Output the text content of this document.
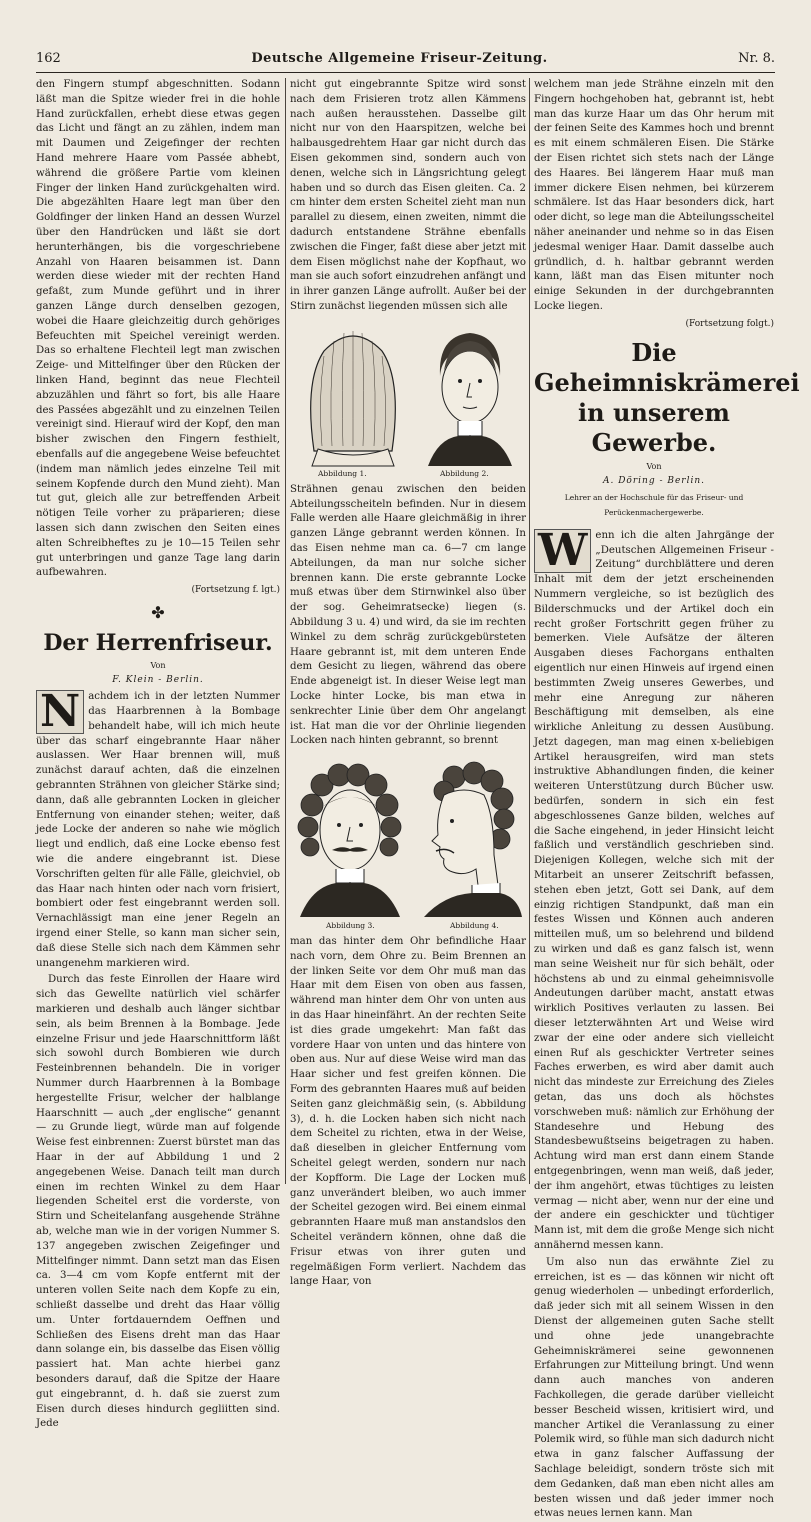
162	Deutsche Allgemeine Friseur-Zeitung.	Nr. 8.

den Fingern stumpf abgeschnitten. Sodann läßt man die Spitze wieder frei in die hohle Hand zurückfallen, erhebt diese etwas gegen das Licht und fängt an zu zählen, indem man mit Daumen und Zeigefinger der rechten Hand mehrere Haare vom Passée abhebt, während die größere Partie vom kleinen Finger der linken Hand zurückgehalten wird. Die abgezählten Haare legt man über den Goldfinger der linken Hand an dessen Wurzel über den Handrücken und läßt sie dort herunterhängen, bis die vorgeschriebene Anzahl von Haaren beisammen ist. Dann werden diese wieder mit der rechten Hand gefaßt, zum Munde geführt und in ihrer ganzen Länge durch denselben gezogen, wobei die Haare gleichzeitig durch gehöriges Befeuchten mit Speichel vereinigt werden. Das so erhaltene Flechteil legt man zwischen Zeige- und Mittelfinger über den Rücken der linken Hand, beginnt das neue Flechteil abzuzählen und fährt so fort, bis alle Haare des Passées abgezählt und zu einzelnen Teilen vereinigt sind. Hierauf wird der Kopf, den man bisher zwischen den Fingern festhielt, ebenfalls auf die angegebene Weise befeuchtet (indem man nämlich jedes einzelne Teil mit seinem Kopfende durch den Mund zieht). Man tut gut, gleich alle zur betreffenden Arbeit nötigen Teile vorher zu präparieren; diese lassen sich dann zwischen den Seiten eines alten Schreibheftes zu je 10—15 Teilen sehr gut unterbringen und ganze Tage lang darin aufbewahren.

(Fortsetzung f. lgt.)
✤
Der Herrenfriseur.
Von
F. Klein - Berlin.

N achdem ich in der letzten Nummer das Haarbrennen à la Bombage behandelt habe, will ich mich heute über das scharf eingebrannte Haar näher auslassen. Wer Haar brennen will, muß zunächst darauf achten, daß die einzelnen gebrannten Strähnen von gleicher Stärke sind; dann, daß alle gebrannten Locken in gleicher Entfernung von einander stehen; weiter, daß jede Locke der anderen so nahe wie möglich liegt und endlich, daß eine Locke ebenso fest wie die andere eingebrannt ist. Diese Vorschriften gelten für alle Fälle, gleichviel, ob das Haar nach hinten oder nach vorn frisiert, bombiert oder fest eingebrannt werden soll. Vernachlässigt man eine jener Regeln an irgend einer Stelle, so kann man sicher sein, daß diese Stelle sich nach dem Kämmen sehr unangenehm markieren wird.

Durch das feste Einrollen der Haare wird sich das Gewellte natürlich viel schärfer markieren und deshalb auch länger sichtbar sein, als beim Brennen à la Bombage. Jede einzelne Frisur und jede Haarschnittform läßt sich sowohl durch Bombieren wie durch Festeinbrennen behandeln. Die in voriger Nummer durch Haarbrennen à la Bombage hergestellte Frisur, welcher der halblange Haarschnitt — auch „der englische“ genannt — zu Grunde liegt, würde man auf folgende Weise fest einbrennen: Zuerst bürstet man das Haar in der auf Abbildung 1 und 2 angegebenen Weise. Danach teilt man durch einen im rechten Winkel zu dem Haar liegenden Scheitel erst die vorderste, von Stirn und Scheitelanfang ausgehende Strähne ab, welche man wie in der vorigen Nummer S. 137 angegeben zwischen Zeigefinger und Mittelfinger nimmt. Dann setzt man das Eisen ca. 3—4 cm vom Kopfe entfernt mit der unteren vollen Seite nach dem Kopfe zu ein, schließt dasselbe und dreht das Haar völlig um. Unter fortdauerndem Oeffnen und Schließen des Eisens dreht man das Haar dann solange ein, bis dasselbe das Eisen völlig passiert hat. Man achte hierbei ganz besonders darauf, daß die Spitze der Haare gut eingebrannt, d. h. daß sie zuerst zum Eisen durch dieses hindurch gegliitten sind. Jede

nicht gut eingebrannte Spitze wird sonst nach dem Frisieren trotz allen Kämmens nach außen herausstehen. Dasselbe gilt nicht nur von den Haarspitzen, welche bei halbausgedrehtem Haar gar nicht durch das Eisen gekommen sind, sondern auch von denen, welche sich in Längsrichtung gelegt haben und so durch das Eisen gleiten. Ca. 2 cm hinter dem ersten Scheitel zieht man nun parallel zu diesem, einen zweiten, nimmt die dadurch entstandene Strähne ebenfalls zwischen die Finger, faßt diese aber jetzt mit dem Eisen möglichst nahe der Kopfhaut, wo man sie auch sofort einzudrehen anfängt und in ihrer ganzen Länge aufrollt. Außer bei der Stirn zunächst liegenden müssen sich alle

Abbildung 1.	Abbildung 2.

Strähnen genau zwischen den beiden Abteilungsscheiteln befinden. Nur in diesem Falle werden alle Haare gleichmäßig in ihrer ganzen Länge gebrannt werden können. In das Eisen nehme man ca. 6—7 cm lange Abteilungen, da man nur solche sicher brennen kann. Die erste gebrannte Locke muß etwas über dem Stirnwinkel also über der sog. Geheimratsecke) liegen (s. Abbildung 3 u. 4) und wird, da sie im rechten Winkel zu dem schräg zurückgebürsteten Haare gebrannt ist, mit dem unteren Ende dem Gesicht zu liegen, während das obere Ende abgeneigt ist. In dieser Weise legt man Locke hinter Locke, bis man etwa in senkrechter Linie über dem Ohr angelangt ist. Hat man die vor der Ohrlinie liegenden Locken nach hinten gebrannt, so brennt

Abbildung 3.	Abbildung 4.

man das hinter dem Ohr befindliche Haar nach vorn, dem Ohre zu. Beim Brennen an der linken Seite vor dem Ohr muß man das Haar mit dem Eisen von oben aus fassen, während man hinter dem Ohr von unten aus in das Haar hineinfährt. An der rechten Seite ist dies grade umgekehrt: Man faßt das vordere Haar von unten und das hintere von oben aus. Nur auf diese Weise wird man das Haar sicher und fest greifen können. Die Form des gebrannten Haares muß auf beiden Seiten ganz gleichmäßig sein, (s. Abbildung 3), d. h. die Locken haben sich nicht nach dem Scheitel zu richten, etwa in der Weise, daß dieselben in gleicher Entfernung vom Scheitel gelegt werden, sondern nur nach der Kopfform. Die Lage der Locken muß ganz unverändert bleiben, wo auch immer der Scheitel gezogen wird. Bei einem einmal gebrannten Haare muß man anstandslos den Scheitel verändern können, ohne daß die Frisur etwas von ihrer guten und regelmäßigen Form verliert. Nachdem das lange Haar, von

welchem man jede Strähne einzeln mit den Fingern hochgehoben hat, gebrannt ist, hebt man das kurze Haar um das Ohr herum mit der feinen Seite des Kammes hoch und brennt es mit einem schmäleren Eisen. Die Stärke der Eisen richtet sich stets nach der Länge des Haares. Bei längerem Haar muß man immer dickere Eisen nehmen, bei kürzerem schmälere. Ist das Haar besonders dick, hart oder dicht, so lege man die Abteilungsscheitel näher aneinander und nehme so in das Eisen jedesmal weniger Haar. Damit dasselbe auch gründlich, d. h. haltbar gebrannt werden kann, läßt man das Eisen mitunter noch einige Sekunden in der durchgebrannten Locke liegen.

(Fortsetzung folgt.)
Die Geheimniskrämerei in unserem Gewerbe.
Von
A. Döring - Berlin.
Lehrer an der Hochschule für das Friseur- und Perückenmachergewerbe.

W enn ich die alten Jahrgänge der „Deutschen Allgemeinen Friseur - Zeitung“ durchblättere und deren Inhalt mit dem der jetzt erscheinenden Nummern vergleiche, so ist bezüglich des Bilderschmucks und der Artikel doch ein recht großer Fortschritt gegen früher zu bemerken. Viele Aufsätze der älteren Ausgaben dieses Fachorgans enthalten eigentlich nur einen Hinweis auf irgend einen bestimmten Zweig unseres Gewerbes, und mehr eine Anregung zur näheren Beschäftigung mit demselben, als eine wirkliche Anleitung zu dessen Ausübung. Jetzt dagegen, man mag einen x-beliebigen Artikel herausgreifen, wird man stets instruktive Abhandlungen finden, die keiner weiteren Unterstützung durch Bücher usw. bedürfen, sondern in sich ein fest abgeschlossenes Ganze bilden, welches auf die Sache eingehend, in jeder Hinsicht leicht faßlich und verständlich geschrieben sind. Diejenigen Kollegen, welche sich mit der Mitarbeit an unserer Zeitschrift befassen, stehen eben jetzt, Gott sei Dank, auf dem einzig richtigen Standpunkt, daß man ein festes Wissen und Können auch anderen mitteilen muß, um so belehrend und bildend zu wirken und daß es ganz falsch ist, wenn man seine Weisheit nur für sich behält, oder höchstens ab und zu einmal geheimnisvolle Andeutungen darüber macht, anstatt etwas wirklich Positives verlauten zu lassen. Bei dieser letzterwähnten Art und Weise wird zwar der eine oder andere sich vielleicht einen Ruf als geschickter Vertreter seines Faches erwerben, es wird aber damit auch nicht das mindeste zur Erreichung des Zieles getan, das uns doch als höchstes vorschweben muß: nämlich zur Erhöhung der Standesehre und Hebung des Standesbewußtseins beigetragen zu haben. Achtung wird man erst dann einem Stande entgegenbringen, wenn man weiß, daß jeder, der ihm angehört, etwas tüchtiges zu leisten vermag — nicht aber, wenn nur der eine und der andere ein geschickter und tüchtiger Mann ist, mit dem die große Menge sich nicht annähernd messen kann.

Um also nun das erwähnte Ziel zu erreichen, ist es — das können wir nicht oft genug wiederholen — unbedingt erforderlich, daß jeder sich mit all seinem Wissen in den Dienst der allgemeinen guten Sache stellt und ohne jede unangebrachte Geheimniskrämerei seine gewonnenen Erfahrungen zur Mitteilung bringt. Und wenn dann auch manches von anderen Fachkollegen, die gerade darüber vielleicht besser Bescheid wissen, kritisiert wird, und mancher Artikel die Veranlassung zu einer Polemik wird, so fühle man sich dadurch nicht etwa in ganz falscher Auffassung der Sachlage beleidigt, sondern tröste sich mit dem Gedanken, daß man eben nicht alles am besten wissen und daß jeder immer noch etwas neues lernen kann. Man
